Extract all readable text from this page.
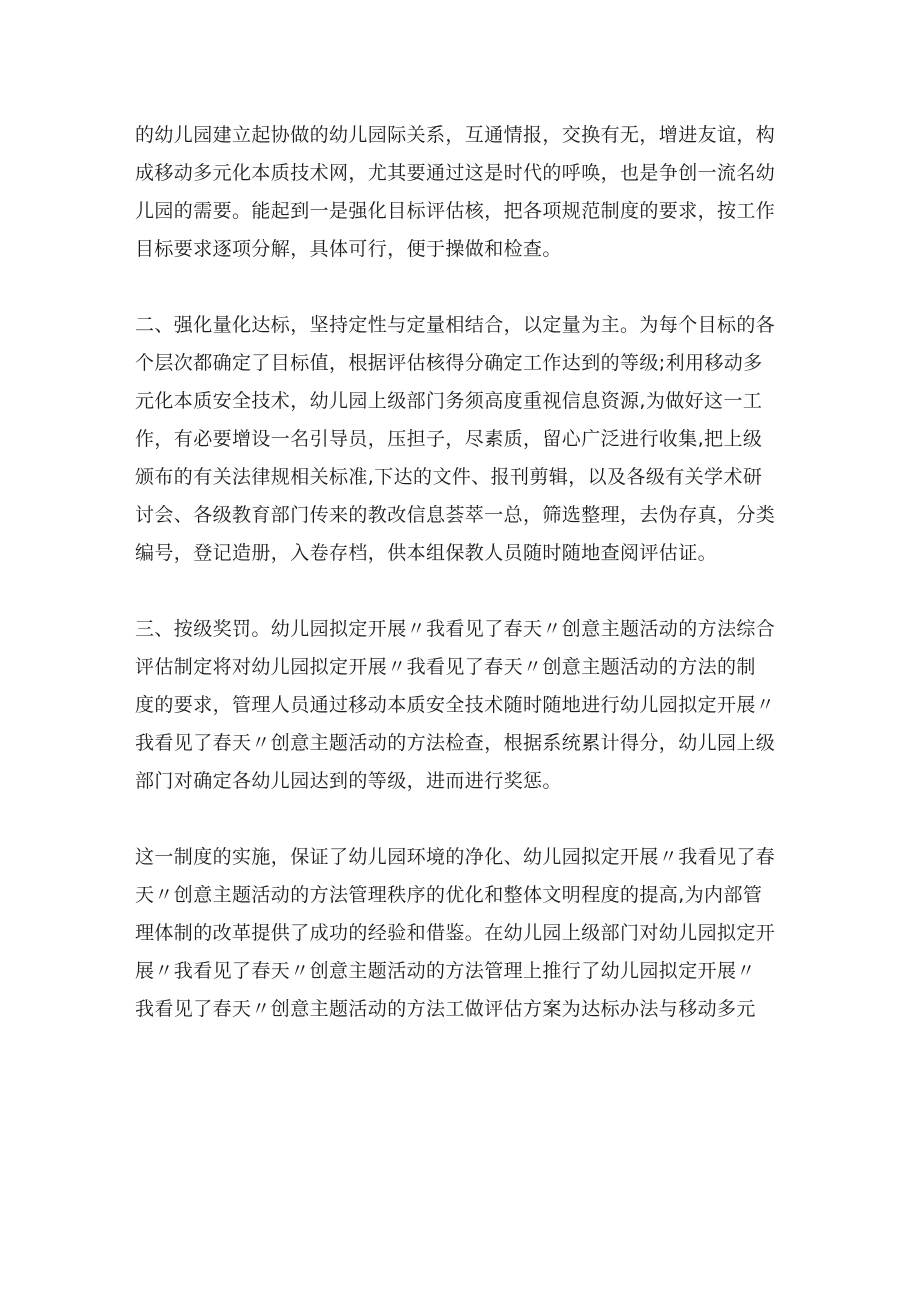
的幼儿园建立起协做的幼儿园际关系，互通情报，交换有无，增进友谊，构
成移动多元化本质技术网，尤其要通过这是时代的呼唤，也是争创一流名幼
儿园的需要。能起到一是强化目标评估核，把各项规范制度的要求，按工作
目标要求逐项分解，具体可行，便于操做和检查。
二、强化量化达标，坚持定性与定量相结合，以定量为主。为每个目标的各
个层次都确定了目标值，根据评估核得分确定工作达到的等级;利用移动多
元化本质安全技术，幼儿园上级部门务须高度重视信息资源,为做好这一工
作，有必要增设一名引导员，压担子，尽素质，留心广泛进行收集,把上级
颁布的有关法律规相关标准,下达的文件、报刊剪辑，以及各级有关学术研
讨会、各级教育部门传来的教改信息荟萃一总，筛选整理，去伪存真，分类
编号，登记造册，入卷存档，供本组保教人员随时随地查阅评估证。
三、按级奖罚。幼儿园拟定开展〃我看见了春天〃创意主题活动的方法综合
评估制定将对幼儿园拟定开展〃我看见了春天〃创意主题活动的方法的制
度的要求，管理人员通过移动本质安全技术随时随地进行幼儿园拟定开展〃
我看见了春天〃创意主题活动的方法检查，根据系统累计得分，幼儿园上级
部门对确定各幼儿园达到的等级，进而进行奖惩。
这一制度的实施，保证了幼儿园环境的净化、幼儿园拟定开展〃我看见了春
天〃创意主题活动的方法管理秩序的优化和整体文明程度的提高,为内部管
理体制的改革提供了成功的经验和借鉴。在幼儿园上级部门对幼儿园拟定开
展〃我看见了春天〃创意主题活动的方法管理上推行了幼儿园拟定开展〃
我看见了春天〃创意主题活动的方法工做评估方案为达标办法与移动多元
